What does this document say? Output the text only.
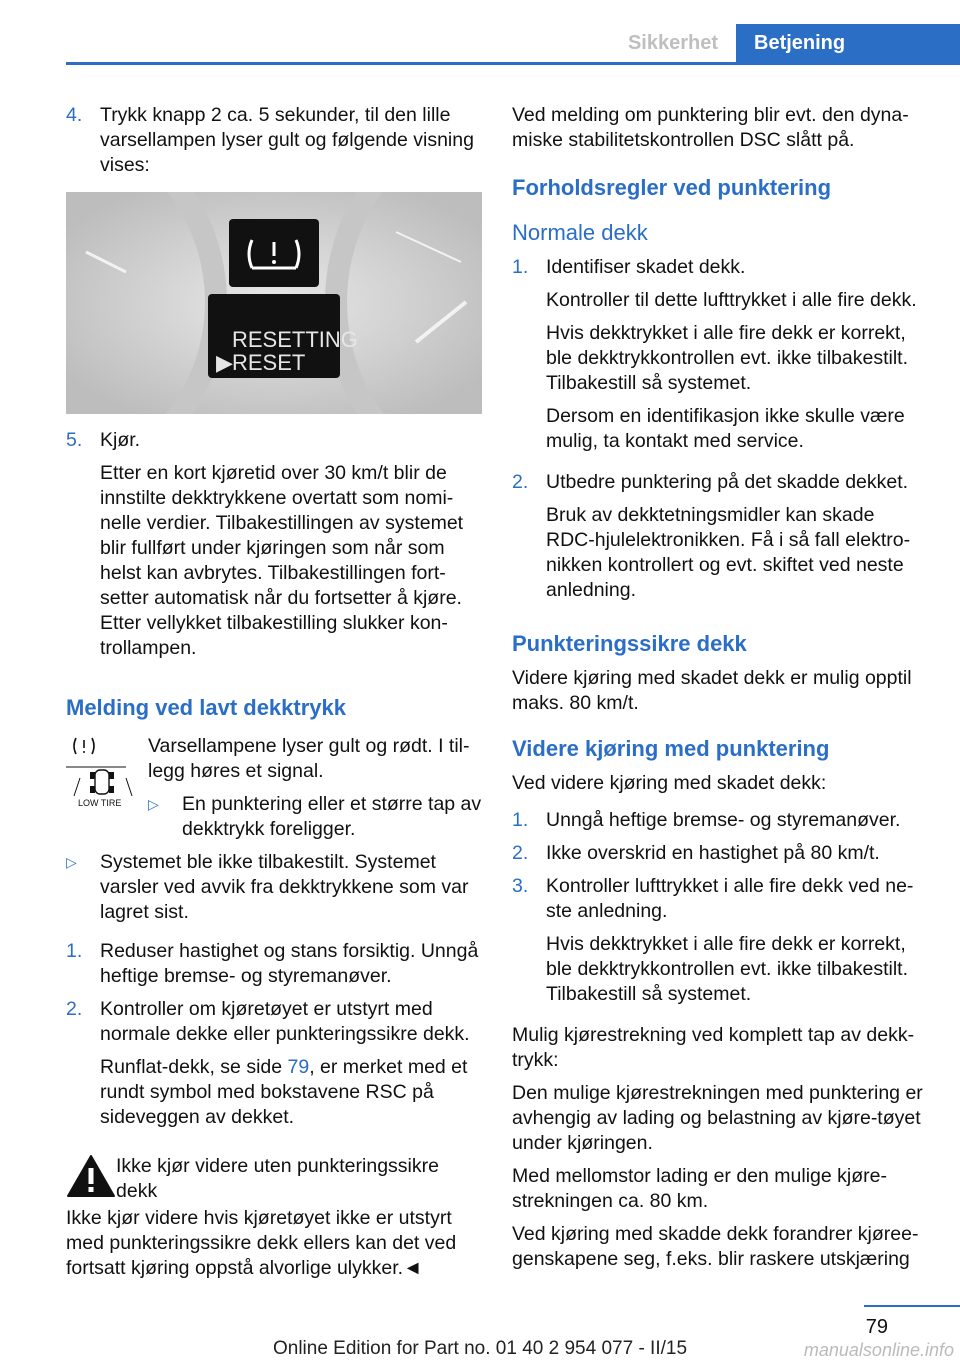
Sikkerhet	Betjening
4. Trykk knapp 2 ca. 5 sekunder, til den lille varsellampen lyser gult og følgende visning vises:
RESETTING
▶ RESET
5. Kjør.

Etter en kort kjøretid over 30 km/t blir de innstilte dekktrykkene overtatt som nomi-nelle verdier. Tilbakestillingen av systemet blir fullført under kjøringen som når som helst kan avbrytes. Tilbakestillingen fort-setter automatisk når du fortsetter å kjøre. Etter vellykket tilbakestilling slukker kon-trollampen.

Melding ved lavt dekktrykk
LOW TIRE

Varsellampene lyser gult og rødt. I til-legg høres et signal.

▷	En punktering eller et større tap av dekktrykk foreligger.
▷	Systemet ble ikke tilbakestilt. Systemet varsler ved avvik fra dekktrykkene som var lagret sist.
1. Reduser hastighet og stans forsiktig. Unngå heftige bremse- og styremanøver.
2. Kontroller om kjøretøyet er utstyrt med normale dekke eller punkteringssikre dekk.

Runflat-dekk, se side 79, er merket med et rundt symbol med bokstavene RSC på sideveggen av dekket.

Ikke kjør videre uten punkteringssikre dekk

Ikke kjør videre hvis kjøretøyet ikke er utstyrt med punkteringssikre dekk ellers kan det ved fortsatt kjøring oppstå alvorlige ulykker.◄

Ved melding om punktering blir evt. den dyna-miske stabilitetskontrollen DSC slått på.

Forholdsregler ved punktering
Normale dekk
1. Identifiser skadet dekk.

Kontroller til dette lufttrykket i alle fire dekk.

Hvis dekktrykket i alle fire dekk er korrekt, ble dekktrykkontrollen evt. ikke tilbakestilt. Tilbakestill så systemet.

Dersom en identifikasjon ikke skulle være mulig, ta kontakt med service.

2. Utbedre punktering på det skadde dekket.

Bruk av dekktetningsmidler kan skade RDC-hjulelektronikken. Få i så fall elektro-nikken kontrollert og evt. skiftet ved neste anledning.

Punkteringssikre dekk

Videre kjøring med skadet dekk er mulig opptil maks. 80 km/t.

Videre kjøring med punktering

Ved videre kjøring med skadet dekk:

1. Unngå heftige bremse- og styremanøver.
2. Ikke overskrid en hastighet på 80 km/t.
3. Kontroller lufttrykket i alle fire dekk ved ne-ste anledning.

Hvis dekktrykket i alle fire dekk er korrekt, ble dekktrykkontrollen evt. ikke tilbakestilt. Tilbakestill så systemet.

Mulig kjørestrekning ved komplett tap av dekk-trykk:

Den mulige kjørestrekningen med punktering er avhengig av lading og belastning av kjøre-tøyet under kjøringen.

Med mellomstor lading er den mulige kjøre-strekningen ca. 80 km.

Ved kjøring med skadde dekk forandrer kjøree-genskapene seg, f.eks. blir raskere utskjæring

79
Online Edition for Part no. 01 40 2 954 077 - II/15	manualsonline.info
